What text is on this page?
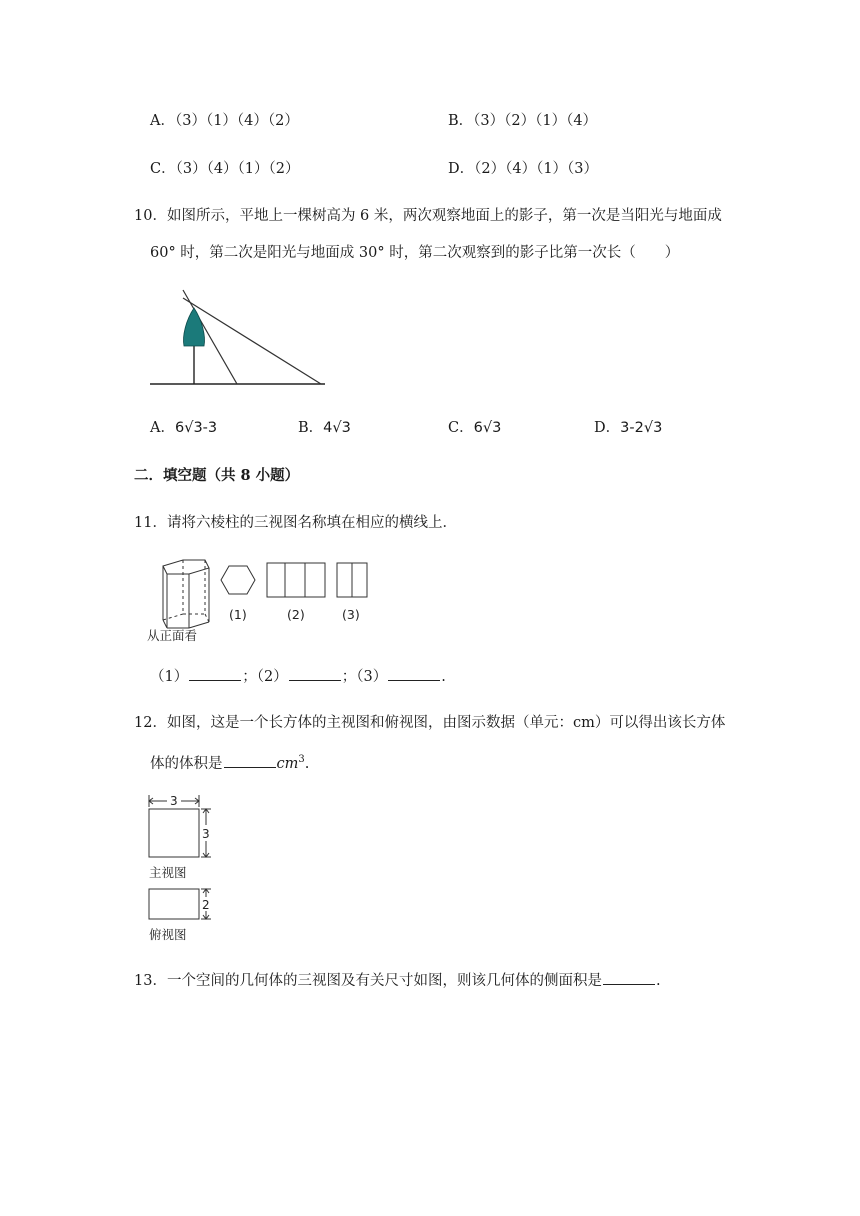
A．（3）（1）（4）（2）	B．（3）（2）（1）（4）
C．（3）（4）（1）（2）	D．（2）（4）（1）（3）
10．如图所示，平地上一棵树高为 6 米，两次观察地面上的影子，第一次是当阳光与地面成
60° 时，第二次是阳光与地面成 30° 时，第二次观察到的影子比第一次长（　　）
A．6√3-3	B．4√3	C．6√3	D．3-2√3
二．填空题（共 8 小题）
11．请将六棱柱的三视图名称填在相应的横线上．
从正面看
(1)	(2)	(3)
（1）	；（2）	；（3）	.
12．如图，这是一个长方体的主视图和俯视图，由图示数据（单元：cm）可以得出该长方体
体的体积是	$cm^3$.
3
3
主视图
2
俯视图
13．一个空间的几何体的三视图及有关尺寸如图，则该几何体的侧面积是	.
